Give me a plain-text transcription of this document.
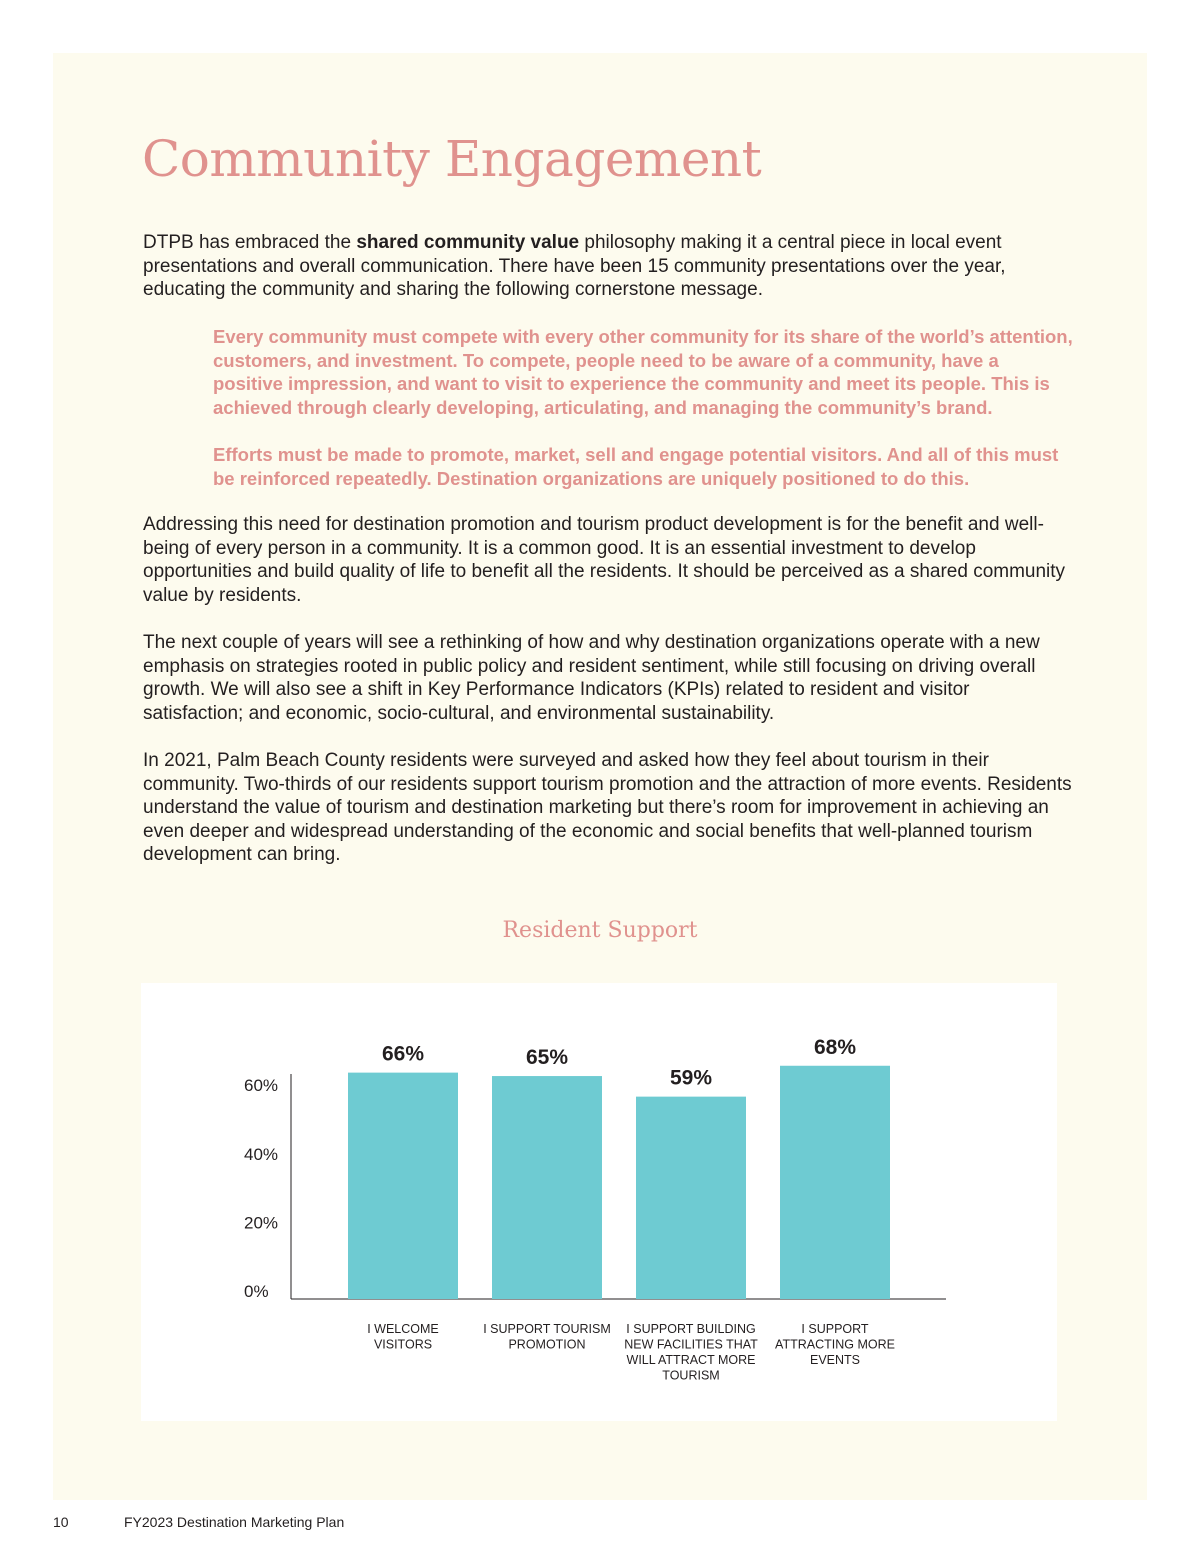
Community Engagement

DTPB has embraced the shared community value philosophy making it a central piece in local event presentations and overall communication. There have been 15 community presentations over the year, educating the community and sharing the following cornerstone message.

Every community must compete with every other community for its share of the world’s attention, customers, and investment. To compete, people need to be aware of a community, have a positive impression, and want to visit to experience the community and meet its people. This is achieved through clearly developing, articulating, and managing the community’s brand.

Efforts must be made to promote, market, sell and engage potential visitors. And all of this must be reinforced repeatedly. Destination organizations are uniquely positioned to do this.

Addressing this need for destination promotion and tourism product development is for the benefit and well-being of every person in a community. It is a common good. It is an essential investment to develop opportunities and build quality of life to benefit all the residents. It should be perceived as a shared community value by residents.

The next couple of years will see a rethinking of how and why destination organizations operate with a new emphasis on strategies rooted in public policy and resident sentiment, while still focusing on driving overall growth. We will also see a shift in Key Performance Indicators (KPIs) related to resident and visitor satisfaction; and economic, socio-cultural, and environmental sustainability.

In 2021, Palm Beach County residents were surveyed and asked how they feel about tourism in their community. Two-thirds of our residents support tourism promotion and the attraction of more events. Residents understand the value of tourism and destination marketing but there’s room for improvement in achieving an even deeper and widespread understanding of the economic and social benefits that well-planned tourism development can bring.

Resident Support
0%
20%
40%
60%
66%
I WELCOME VISITORS
65%
I SUPPORT TOURISM PROMOTION
59%
I SUPPORT BUILDING NEW FACILITIES THAT WILL ATTRACT MORE TOURISM
68%
I SUPPORT ATTRACTING MORE EVENTS
10	FY2023 Destination Marketing Plan
